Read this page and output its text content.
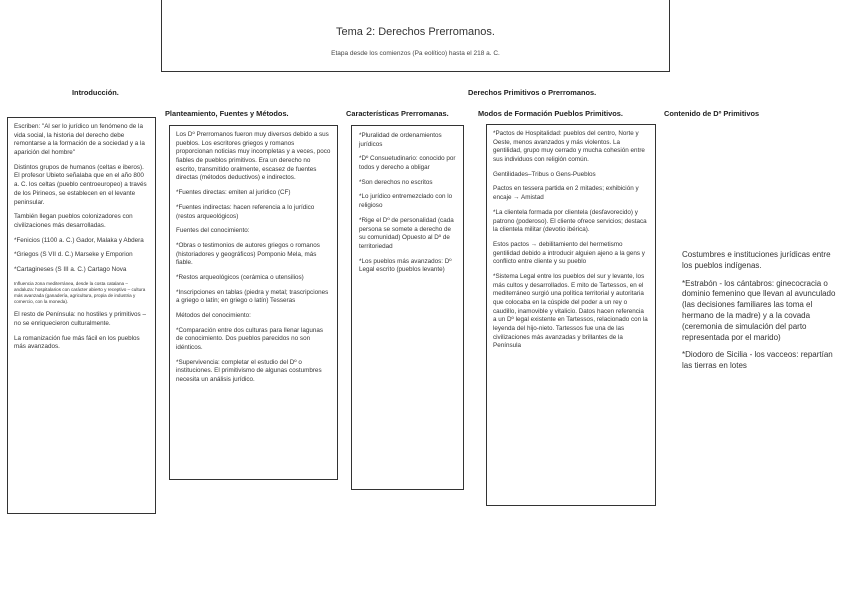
Tema 2: Derechos Prerromanos.
Etapa desde los comienzos (Pa eolítico) hasta el 218 a. C.
Introducción.	Derechos Primitivos o Prerromanos.
Planteamiento, Fuentes y Métodos.	Características Prerromanas.	Modos de Formación Pueblos Primitivos.	Contenido de Dº Primitivos

Escriben: "Al ser lo jurídico un fenómeno de la vida social, la historia del derecho debe remontarse a la formación de a sociedad y a la aparición del hombre"

Distintos grupos de humanos (celtas e iberos). El profesor Ubieto señalaba que en el año 800 a. C. los celtas (pueblo centroeuropeo) a través de los Pirineos, se establecen en el levante peninsular.

También llegan pueblos colonizadores con civilizaciones más desarrolladas.

*Fenicios (1100 a. C.) Gador, Malaka y Abdera

*Griegos (S VII d. C.) Marseke y Emporion

*Cartagineses (S III a. C.) Cartago Nova

Influencia zona mediterránea, desde la costa catalana – andaluza: hospitalarios con carácter abierto y receptivo – cultura más avanzada (ganadería, agricultura, propia de industria y comercio, con la moneda).

El resto de Península: no hostiles y primitivos – no se enriquecieron culturalmente.

La romanización fue más fácil en los pueblos más avanzados.

Los Dº Prerromanos fueron muy diversos debido a sus pueblos. Los escritores griegos y romanos proporcionan noticias muy incompletas y a veces, poco fiables de pueblos primitivos. Era un derecho no escrito, transmitido oralmente, escasez de fuentes directas (métodos deductivos) e indirectos.

*Fuentes directas: emiten al jurídico (CF)

*Fuentes indirectas: hacen referencia a lo jurídico (restos arqueológicos)

Fuentes del conocimiento:

*Obras o testimonios de autores griegos o romanos (historiadores y geográficos) Pomponio Mela, más fiable.

*Restos arqueológicos (cerámica o utensilios)

*Inscripciones en tablas (piedra y metal; trascripciones a griego o latín; en griego o latín) Tesseras

Métodos del conocimiento:

*Comparación entre dos culturas para llenar lagunas de conocimiento. Dos pueblos parecidos no son idénticos.

*Supervivencia: completar el estudio del Dº o instituciones. El primitivismo de algunas costumbres necesita un análisis jurídico.

*Pluralidad de ordenamientos jurídicos

*Dº Consuetudinario: conocido por todos y derecho a obligar

*Son derechos no escritos

*Lo jurídico entremezclado con lo religioso

*Rige el Dº de personalidad (cada persona se somete a derecho de su comunidad) Opuesto al Dº de territoriedad

*Los pueblos más avanzados: Dº Legal escrito (pueblos levante)

*Pactos de Hospitalidad: pueblos del centro, Norte y Oeste, menos avanzados y más violentos. La gentilidad, grupo muy cerrado y mucha cohesión entre sus individuos con religión común.

Gentilidades–Tribus o Gens-Pueblos

Pactos en tessera partida en 2 mitades; exhibición y encaje → Amistad

*La clientela formada por clientela (desfavorecido) y patrono (poderoso). El cliente ofrece servicios; destaca la clientela militar (devotio ibérica).

Estos pactos → debilitamiento del hermetismo gentilidad debido a introducir alguien ajeno a la gens y conflicto entre cliente y su pueblo

*Sistema Legal entre los pueblos del sur y levante, los más cultos y desarrollados. E mito de Tartessos, en el mediterráneo surgió una política territorial y autoritaria que colocaba en la cúspide del poder a un rey o caudillo, inamovible y vitalicio. Datos hacen referencia a un Dº legal existente en Tartessos, relacionado con la leyenda del hijo-nieto. Tartessos fue una de las civilizaciones más avanzadas y brillantes de la Península

Costumbres e instituciones jurídicas entre los pueblos indígenas.

*Estrabón - los cántabros: ginecocracia o dominio femenino que llevan al avunculado (las decisiones familiares las toma el hermano de la madre) y a la covada (ceremonia de simulación del parto representada por el marido)

*Diodoro de Sicilia - los vacceos: repartían las tierras en lotes
